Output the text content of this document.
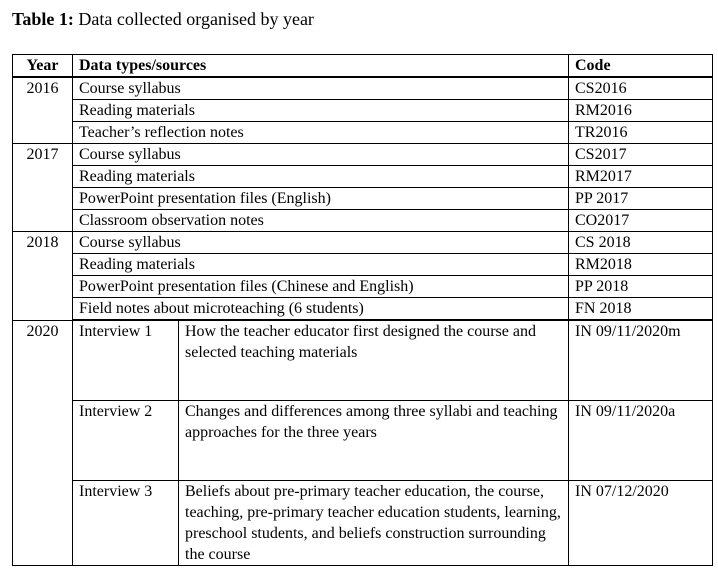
Table 1: Data collected organised by year
Year	Data types/sources		Code
2016	Course syllabus		CS2016
	Reading materials		RM2016
	Teacher’s reflection notes		TR2016
2017	Course syllabus		CS2017
	Reading materials		RM2017
	PowerPoint presentation files (English)		PP 2017
	Classroom observation notes		CO2017
2018	Course syllabus		CS 2018
	Reading materials		RM2018
	PowerPoint presentation files (Chinese and English)		PP 2018
	Field notes about microteaching (6 students)		FN 2018
2020	Interview 1	How the teacher educator first designed the course and selected teaching materials	IN 09/11/2020m
	Interview 2	Changes and differences among three syllabi and teaching approaches for the three years	IN 09/11/2020a
	Interview 3	Beliefs about pre-primary teacher education, the course, teaching, pre-primary teacher education students, learning, preschool students, and beliefs construction surrounding the course	IN 07/12/2020
